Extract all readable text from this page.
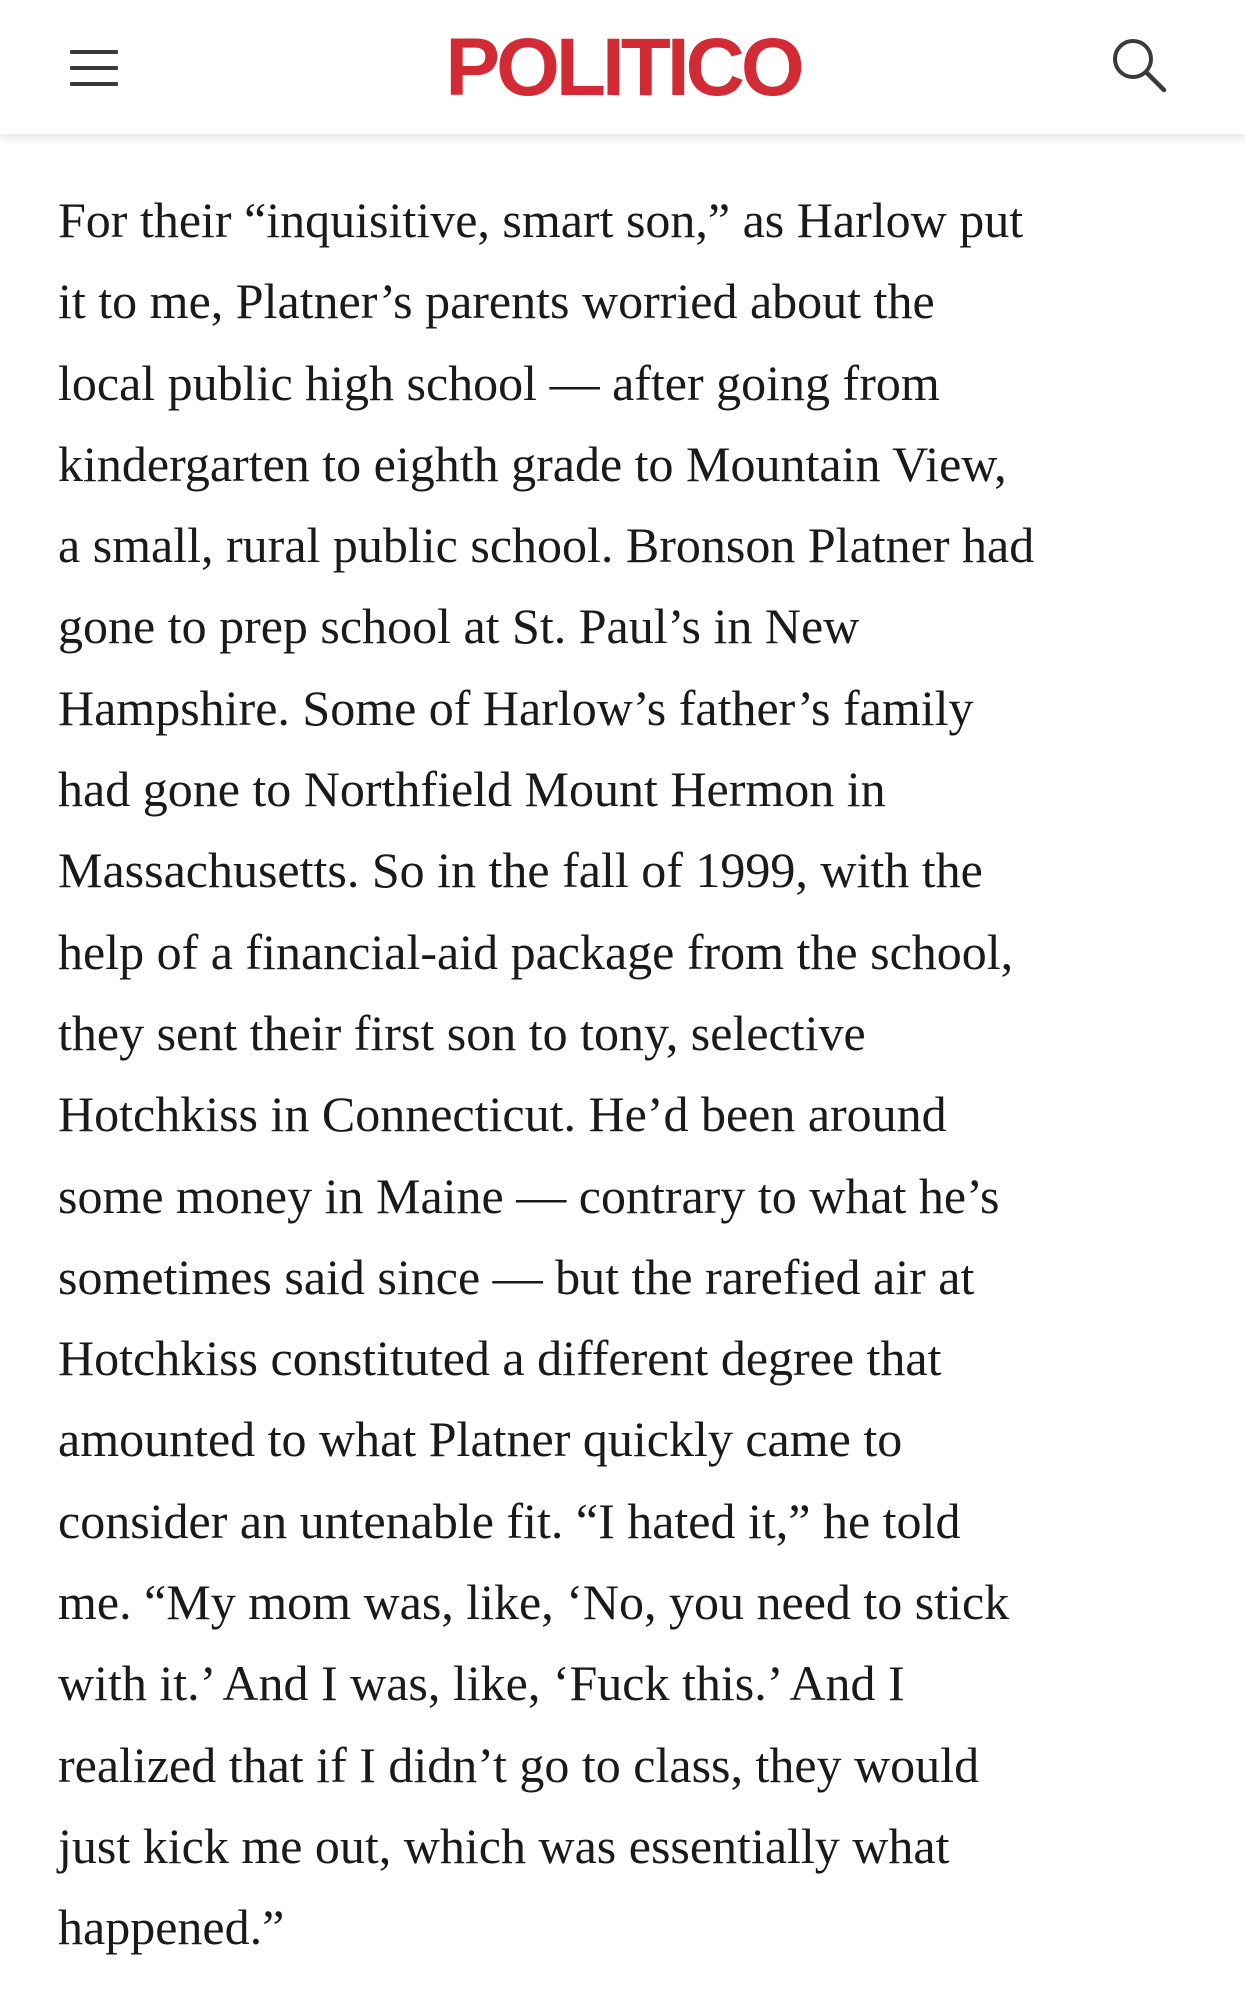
POLITICO

For their “inquisitive, smart son,” as Harlow put
it to me, Platner’s parents worried about the
local public high school — after going from
kindergarten to eighth grade to Mountain View,
a small, rural public school. Bronson Platner had
gone to prep school at St. Paul’s in New
Hampshire. Some of Harlow’s father’s family
had gone to Northfield Mount Hermon in
Massachusetts. So in the fall of 1999, with the
help of a financial-aid package from the school,
they sent their first son to tony, selective
Hotchkiss in Connecticut. He’d been around
some money in Maine — contrary to what he’s
sometimes said since — but the rarefied air at
Hotchkiss constituted a different degree that
amounted to what Platner quickly came to
consider an untenable fit. “I hated it,” he told
me. “My mom was, like, ‘No, you need to stick
with it.’ And I was, like, ‘Fuck this.’ And I
realized that if I didn’t go to class, they would
just kick me out, which was essentially what
happened.”
